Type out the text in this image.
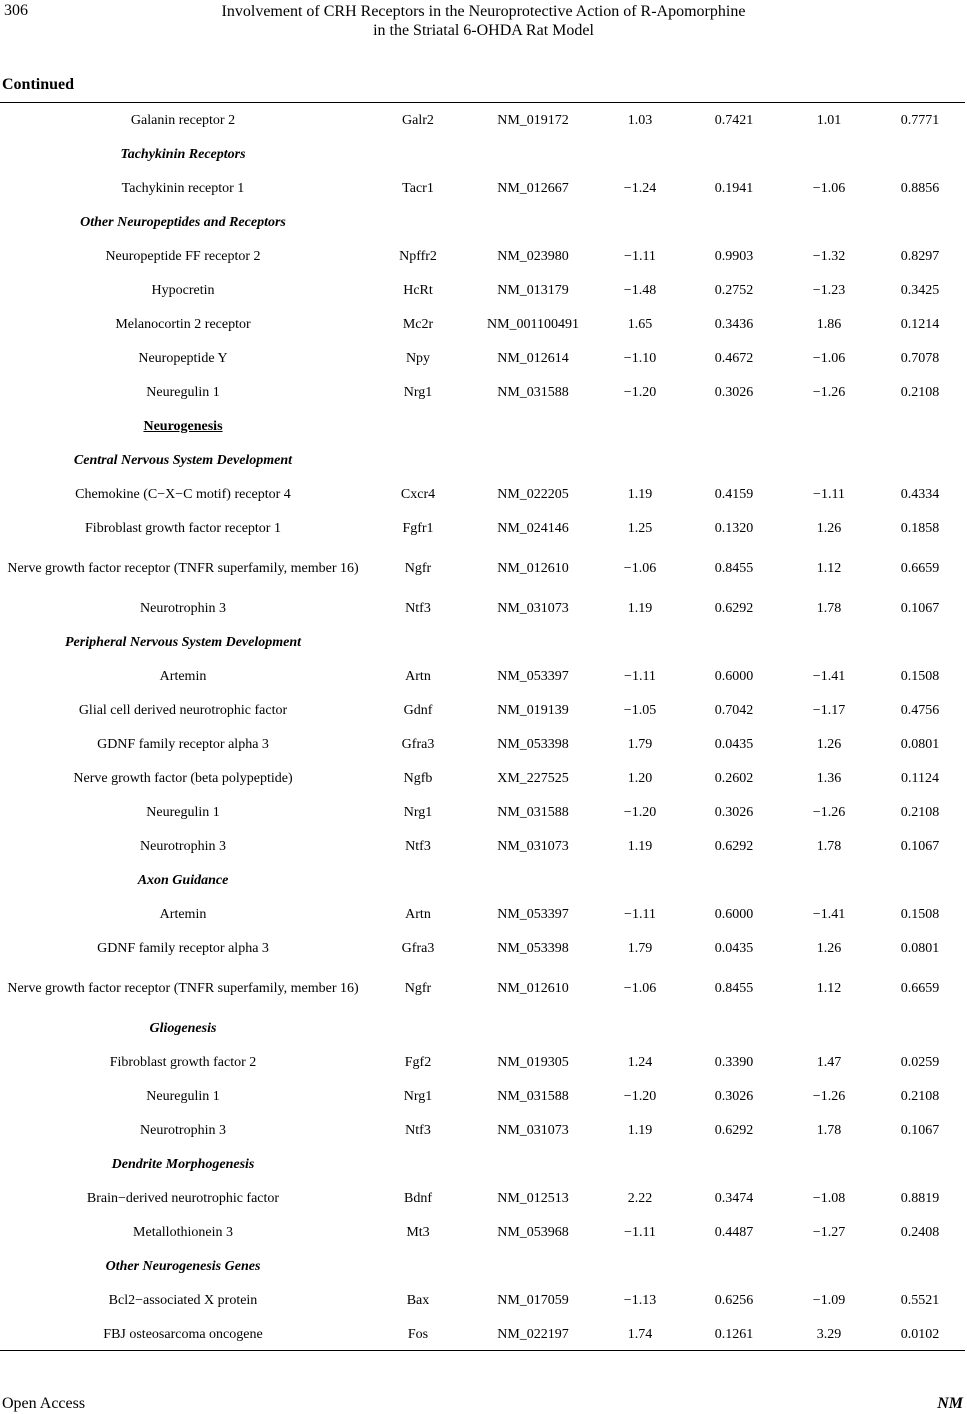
306	Involvement of CRH Receptors in the Neuroprotective Action of R-Apomorphine
in the Striatal 6-OHDA Rat Model
Continued
Galanin receptor 2	Galr2	NM_019172	1.03	0.7421	1.01	0.7771
Tachykinin Receptors
Tachykinin receptor 1	Tacr1	NM_012667	−1.24	0.1941	−1.06	0.8856
Other Neuropeptides and Receptors
Neuropeptide FF receptor 2	Npffr2	NM_023980	−1.11	0.9903	−1.32	0.8297
Hypocretin	HcRt	NM_013179	−1.48	0.2752	−1.23	0.3425
Melanocortin 2 receptor	Mc2r	NM_001100491	1.65	0.3436	1.86	0.1214
Neuropeptide Y	Npy	NM_012614	−1.10	0.4672	−1.06	0.7078
Neuregulin 1	Nrg1	NM_031588	−1.20	0.3026	−1.26	0.2108
Neurogenesis
Central Nervous System Development
Chemokine (C−X−C motif) receptor 4	Cxcr4	NM_022205	1.19	0.4159	−1.11	0.4334
Fibroblast growth factor receptor 1	Fgfr1	NM_024146	1.25	0.1320	1.26	0.1858
Nerve growth factor receptor (TNFR superfamily, member 16)	Ngfr	NM_012610	−1.06	0.8455	1.12	0.6659
Neurotrophin 3	Ntf3	NM_031073	1.19	0.6292	1.78	0.1067
Peripheral Nervous System Development
Artemin	Artn	NM_053397	−1.11	0.6000	−1.41	0.1508
Glial cell derived neurotrophic factor	Gdnf	NM_019139	−1.05	0.7042	−1.17	0.4756
GDNF family receptor alpha 3	Gfra3	NM_053398	1.79	0.0435	1.26	0.0801
Nerve growth factor (beta polypeptide)	Ngfb	XM_227525	1.20	0.2602	1.36	0.1124
Neuregulin 1	Nrg1	NM_031588	−1.20	0.3026	−1.26	0.2108
Neurotrophin 3	Ntf3	NM_031073	1.19	0.6292	1.78	0.1067
Axon Guidance
Artemin	Artn	NM_053397	−1.11	0.6000	−1.41	0.1508
GDNF family receptor alpha 3	Gfra3	NM_053398	1.79	0.0435	1.26	0.0801
Nerve growth factor receptor (TNFR superfamily, member 16)	Ngfr	NM_012610	−1.06	0.8455	1.12	0.6659
Gliogenesis
Fibroblast growth factor 2	Fgf2	NM_019305	1.24	0.3390	1.47	0.0259
Neuregulin 1	Nrg1	NM_031588	−1.20	0.3026	−1.26	0.2108
Neurotrophin 3	Ntf3	NM_031073	1.19	0.6292	1.78	0.1067
Dendrite Morphogenesis
Brain−derived neurotrophic factor	Bdnf	NM_012513	2.22	0.3474	−1.08	0.8819
Metallothionein 3	Mt3	NM_053968	−1.11	0.4487	−1.27	0.2408
Other Neurogenesis Genes
Bcl2−associated X protein	Bax	NM_017059	−1.13	0.6256	−1.09	0.5521
FBJ osteosarcoma oncogene	Fos	NM_022197	1.74	0.1261	3.29	0.0102
Open Access	NM
